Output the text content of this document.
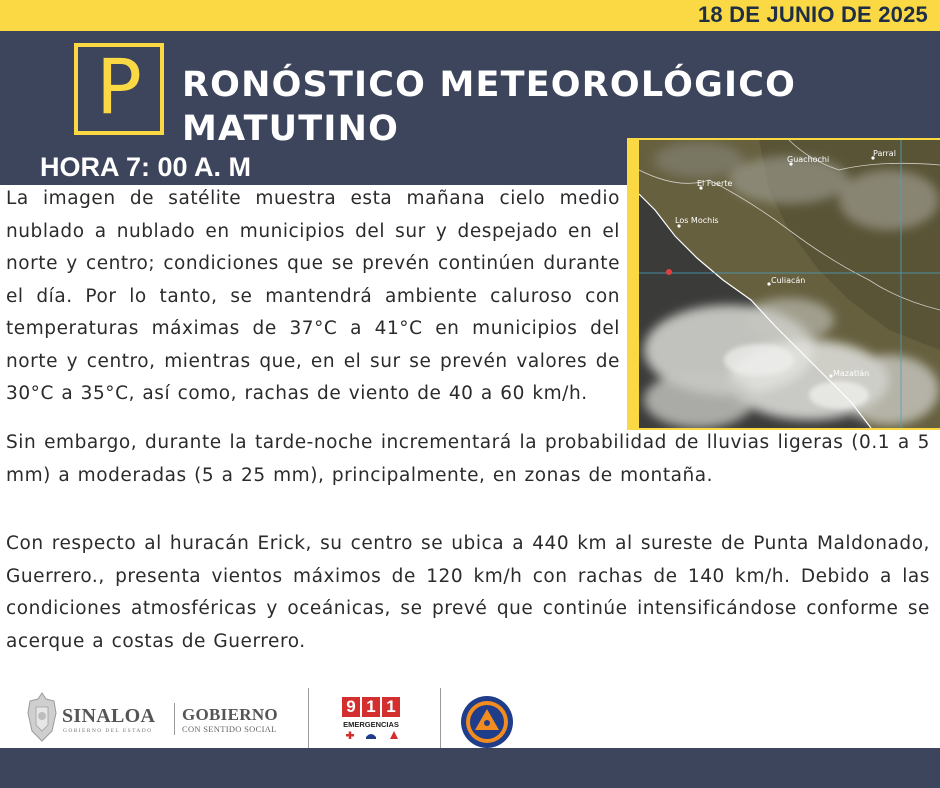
18 DE JUNIO DE 2025
P	RONÓSTICO METEOROLÓGICO
MATUTINO
HORA 7: 00 A. M	Guachochi
Parral
El Fuerte
Los Mochis
Culiacán
Mazatlán

La imagen de satélite muestra esta mañana cielo medio nublado a nublado en municipios del sur y despejado en el norte y centro; condiciones que se prevén continúen durante el día. Por lo tanto, se mantendrá ambiente caluroso con temperaturas máximas de 37°C a 41°C en municipios del norte y centro, mientras que, en el sur se prevén valores de 30°C a 35°C, así como, rachas de viento de 40 a 60 km/h.

Sin embargo, durante la tarde-noche incrementará la probabilidad de lluvias ligeras (0.1 a 5 mm) a moderadas (5 a 25 mm), principalmente, en zonas de montaña.

Con respecto al huracán Erick, su centro se ubica a 440 km al sureste de Punta Maldonado, Guerrero., presenta vientos máximos de 120 km/h con rachas de 140 km/h. Debido a las condiciones atmosféricas y oceánicas, se prevé que continúe intensificándose conforme se acerque a costas de Guerrero.

SINALOA
GOBIERNO DEL ESTADO
GOBIERNO
CON SENTIDO SOCIAL
9 1 1
EMERGENCIAS
